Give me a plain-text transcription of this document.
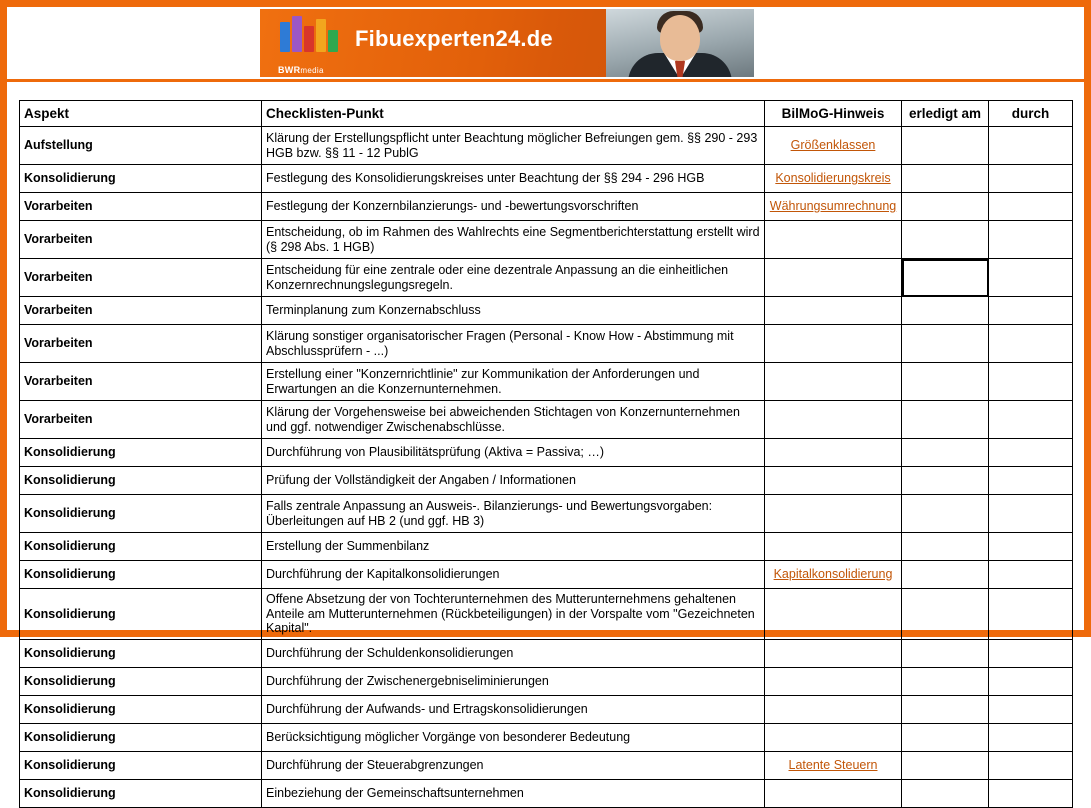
BWRmedia
Fibuexperten24.de
Aspekt	Checklisten-Punkt	BilMoG-Hinweis	erledigt am	durch
Aufstellung	Klärung der Erstellungspflicht unter Beachtung möglicher Befreiungen gem. §§ 290 - 293 HGB bzw. §§ 11 - 12 PublG	Größenklassen		
Konsolidierung	Festlegung des Konsolidierungskreises unter Beachtung der §§ 294 - 296 HGB	Konsolidierungskreis		
Vorarbeiten	Festlegung der Konzernbilanzierungs- und -bewertungsvorschriften	Währungsumrechnung		
Vorarbeiten	Entscheidung, ob im Rahmen des Wahlrechts eine Segmentberichterstattung erstellt wird (§ 298 Abs. 1 HGB)			
Vorarbeiten	Entscheidung für eine zentrale oder eine dezentrale Anpassung an die einheitlichen Konzernrechnungslegungsregeln.			
Vorarbeiten	Terminplanung zum Konzernabschluss			
Vorarbeiten	Klärung sonstiger organisatorischer Fragen (Personal - Know How - Abstimmung mit Abschlussprüfern - ...)			
Vorarbeiten	Erstellung einer "Konzernrichtlinie" zur Kommunikation der Anforderungen und Erwartungen an die Konzernunternehmen.			
Vorarbeiten	Klärung der Vorgehensweise bei abweichenden Stichtagen von Konzernunternehmen und ggf. notwendiger Zwischenabschlüsse.			
Konsolidierung	Durchführung von Plausibilitätsprüfung (Aktiva = Passiva; …)			
Konsolidierung	Prüfung der Vollständigkeit der Angaben / Informationen			
Konsolidierung	Falls zentrale Anpassung an Ausweis-. Bilanzierungs- und Bewertungsvorgaben: Überleitungen auf HB 2 (und ggf. HB 3)			
Konsolidierung	Erstellung der Summenbilanz			
Konsolidierung	Durchführung der Kapitalkonsolidierungen	Kapitalkonsolidierung		
Konsolidierung	Offene Absetzung der von Tochterunternehmen des Mutterunternehmens gehaltenen Anteile am Mutterunternehmen (Rückbeteiligungen) in der Vorspalte vom "Gezeichneten Kapital".			
Konsolidierung	Durchführung der Schuldenkonsolidierungen			
Konsolidierung	Durchführung der Zwischenergebniseliminierungen			
Konsolidierung	Durchführung der Aufwands- und Ertragskonsolidierungen			
Konsolidierung	Berücksichtigung möglicher Vorgänge von besonderer Bedeutung			
Konsolidierung	Durchführung der Steuerabgrenzungen	Latente Steuern		
Konsolidierung	Einbeziehung der Gemeinschaftsunternehmen			
